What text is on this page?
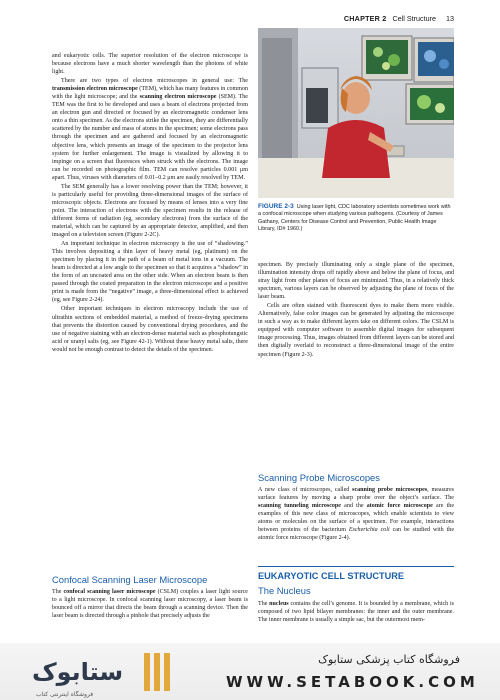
CHAPTER 2 Cell Structure 13

and eukaryotic cells. The superior resolution of the electron microscope is because electrons have a much shorter wavelength than the photons of white light.

There are two types of electron microscopes in general use: The transmission electron microscope (TEM), which has many features in common with the light microscope; and the scanning electron microscope (SEM). The TEM was the first to be developed and uses a beam of electrons projected from an electron gun and directed or focused by an electromagnetic condenser lens onto a thin specimen. As the electrons strike the specimen, they are differentially scattered by the number and mass of atoms in the specimen; some electrons pass through the specimen and are gathered and focused by an electromagnetic objective lens, which presents an image of the specimen to the projector lens system for further enlargement. The image is visualized by allowing it to impinge on a screen that fluoresces when struck with the electrons. The image can be recorded on photographic film. TEM can resolve particles 0.001 μm apart. Thus, viruses with diameters of 0.01–0.2 μm are easily resolved by TEM.

The SEM generally has a lower resolving power than the TEM; however, it is particularly useful for providing three-dimensional images of the surface of microscopic objects. Electrons are focused by means of lenses into a very fine point. The interaction of electrons with the specimen results in the release of different forms of radiation (eg, secondary electrons) from the surface of the material, which can be captured by an appropriate detector, amplified, and then imaged on a television screen (Figure 2-2C).

An important technique in electron microscopy is the use of “shadowing.” This involves depositing a thin layer of heavy metal (eg, platinum) on the specimen by placing it in the path of a beam of metal ions in a vacuum. The beam is directed at a low angle to the specimen so that it acquires a “shadow” in the form of an uncoated area on the other side. When an electron beam is then passed through the coated preparation in the electron microscope and a positive print is made from the “negative” image, a three-dimensional effect is achieved (eg, see Figure 2-24).

Other important techniques in electron microscopy include the use of ultrathin sections of embedded material, a method of freeze-drying specimens that prevents the distortion caused by conventional drying procedures, and the use of negative staining with an electron-dense material such as phosphotungstic acid or uranyl salts (eg, see Figure 42-1). Without these heavy metal salts, there would not be enough contrast to detect the details of the specimen.

Confocal Scanning Laser Microscope

The confocal scanning laser microscope (CSLM) couples a laser light source to a light microscope. In confocal scanning laser microscopy, a laser beam is bounced off a mirror that directs the beam through a scanning device. Then the laser beam is directed through a pinhole that precisely adjusts the

FIGURE 2-3 Using laser light, CDC laboratory scientists sometimes work with a confocal microscope when studying various pathogens. (Courtesy of James Gathany, Centers for Disease Control and Prevention, Public Health Image Library, ID# 1960.)

specimen. By precisely illuminating only a single plane of the specimen, illumination intensity drops off rapidly above and below the plane of focus, and stray light from other planes of focus are minimized. Thus, in a relatively thick specimen, various layers can be observed by adjusting the plane of focus of the laser beam.

Cells are often stained with fluorescent dyes to make them more visible. Alternatively, false color images can be generated by adjusting the microscope in such a way as to make different layers take on different colors. The CSLM is equipped with computer software to assemble digital images for subsequent image processing. Thus, images obtained from different layers can be stored and then digitally overlaid to reconstruct a three-dimensional image of the entire specimen (Figure 2-3).

Scanning Probe Microscopes

A new class of microscopes, called scanning probe microscopes, measures surface features by moving a sharp probe over the object’s surface. The scanning tunneling microscope and the atomic force microscope are the examples of this new class of microscopes, which enable scientists to view atoms or molecules on the surface of a specimen. For example, interactions between proteins of the bacterium Escherichia coli can be studied with the atomic force microscope (Figure 2-4).

EUKARYOTIC CELL STRUCTURE
The Nucleus

The nucleus contains the cell’s genome. It is bounded by a membrane, which is composed of two lipid bilayer membranes: the inner and the outer membrane. The inner membrane is usually a simple sac, but the outermost mem-

ستابوک
فروشگاه اینترنتی کتاب
فروشگاه کتاب پزشکی ستابوک
WWW.SETABOOK.COM
